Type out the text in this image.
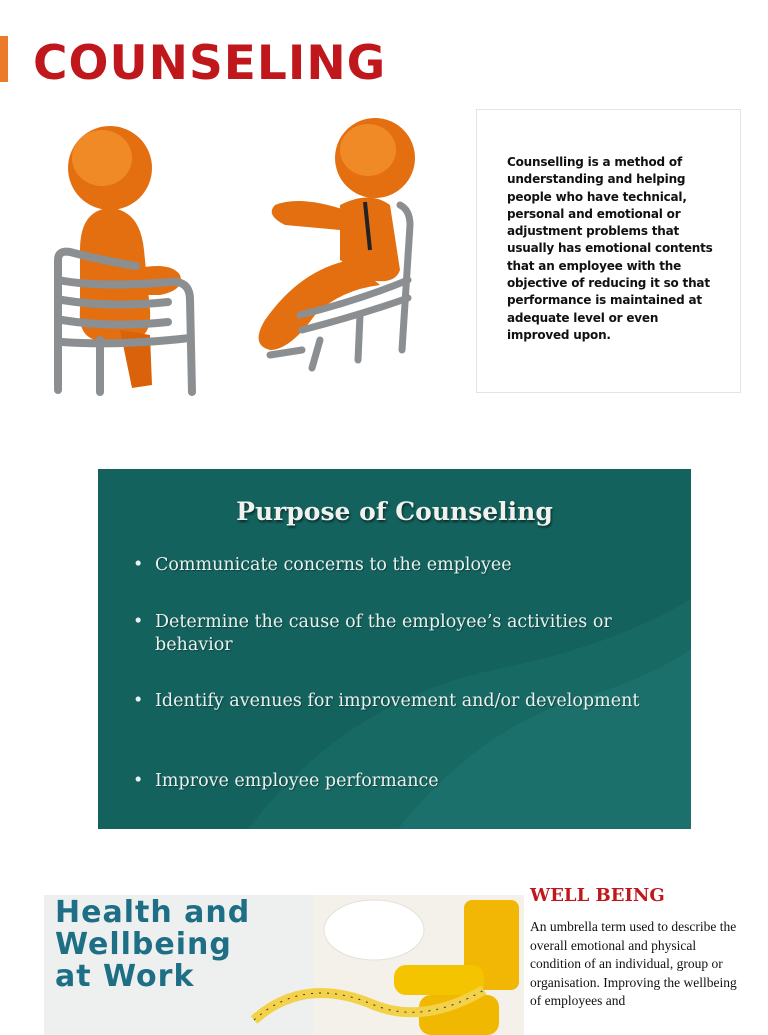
COUNSELING

Counselling is a method of understanding and helping people who have technical, personal and emotional or adjustment problems that usually has emotional contents that an employee with the objective of reducing it so that performance is maintained at adequate level or even improved upon.

Purpose of Counseling
• Communicate concerns to the employee
• Determine the cause of the employee’s activities or behavior
• Identify avenues for improvement and/or development
• Improve employee performance

Health and
Wellbeing
at Work

WELL BEING

An umbrella term used to describe the overall emotional and physical condition of an individual, group or organisation. Improving the wellbeing of employees and
